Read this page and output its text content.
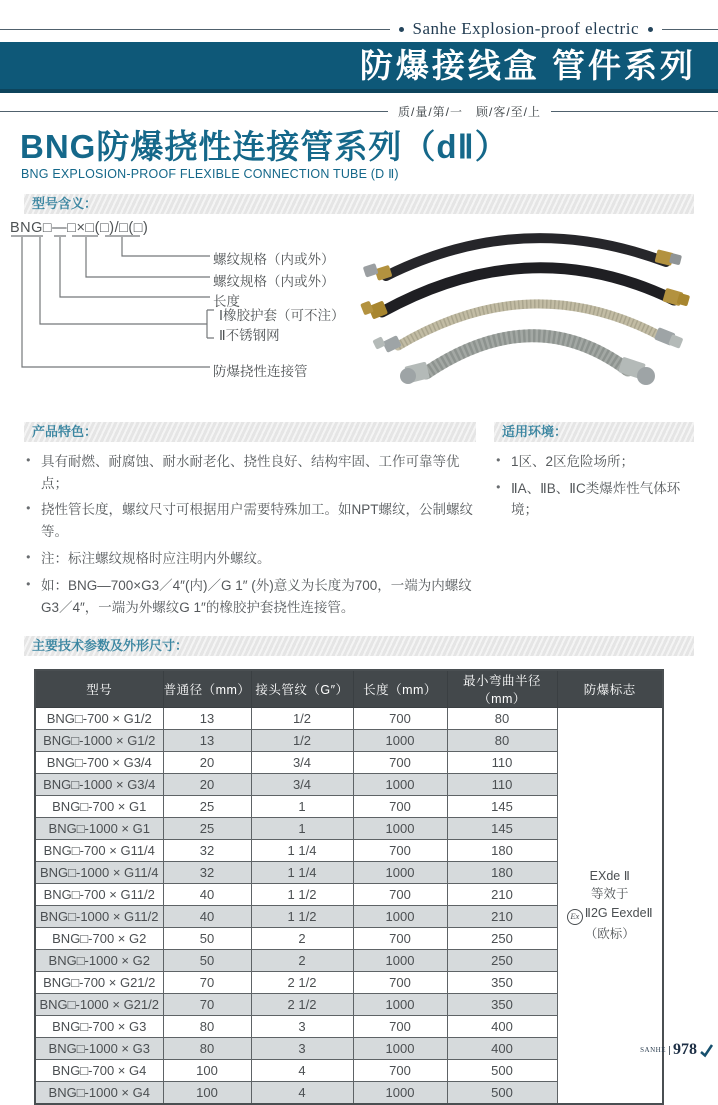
Sanhe Explosion-proof electric
防爆接线盒 管件系列
质/量/第/一　顾/客/至/上
BNG防爆挠性连接管系列（dⅡ）
BNG EXPLOSION-PROOF FLEXIBLE CONNECTION TUBE (D Ⅱ)
型号含义：
BNG□—□×□(□)/□(□)
螺纹规格（内或外）
螺纹规格（内或外）
长度
Ⅰ橡胶护套（可不注）
Ⅱ不锈钢网
防爆挠性连接管
产品特色：
● 具有耐燃、耐腐蚀、耐水耐老化、挠性良好、结构牢固、工作可靠等优点；
● 挠性管长度，螺纹尺寸可根据用户需要特殊加工。如NPT螺纹，公制螺纹等。
● 注：标注螺纹规格时应注明内外螺纹。
● 如：BNG—700×G3／4″(内)／G 1″ (外)意义为长度为700，一端为内螺纹G3／4″，一端为外螺纹G 1″的橡胶护套挠性连接管。
适用环境：
● 1区、2区危险场所；
● ⅡA、ⅡB、ⅡC类爆炸性气体环境；
主要技术参数及外形尺寸：
型号	普通径（mm）	接头管纹（G″）	长度（mm）	最小弯曲半径（mm）	防爆标志
BNG□-700 × G1/2	13	1/2	700	80	EXde Ⅱ
等效于
Ex Ⅱ2G EexdeⅡ
（欧标）

BNG□-1000 × G1/2	13	1/2	1000	80	
BNG□-700 × G3/4	20	3/4	700	110	
BNG□-1000 × G3/4	20	3/4	1000	110	
BNG□-700 × G1	25	1	700	145	
BNG□-1000 × G1	25	1	1000	145	
BNG□-700 × G11/4	32	1 1/4	700	180	
BNG□-1000 × G11/4	32	1 1/4	1000	180	
BNG□-700 × G11/2	40	1 1/2	700	210	
BNG□-1000 × G11/2	40	1 1/2	1000	210	
BNG□-700 × G2	50	2	700	250	
BNG□-1000 × G2	50	2	1000	250	
BNG□-700 × G21/2	70	2 1/2	700	350	
BNG□-1000 × G21/2	70	2 1/2	1000	350	
BNG□-700 × G3	80	3	700	400	
BNG□-1000 × G3	80	3	1000	400	
BNG□-700 × G4	100	4	700	500	
BNG□-1000 × G4	100	4	1000	500	
SANHE 978
